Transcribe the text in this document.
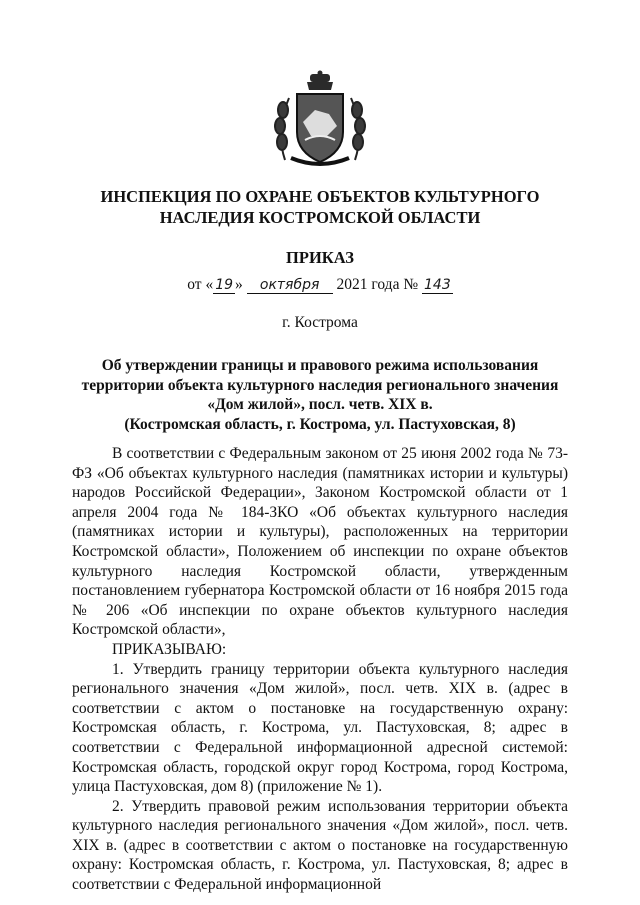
ИНСПЕКЦИЯ ПО ОХРАНЕ ОБЪЕКТОВ КУЛЬТУРНОГО
НАСЛЕДИЯ КОСТРОМСКОЙ ОБЛАСТИ
ПРИКАЗ
от « 19 » октября 2021 года № 143
г. Кострома
Об утверждении границы и правового режима использования
территории объекта культурного наследия регионального значения
«Дом жилой», посл. четв. XIX в.
(Костромская область, г. Кострома, ул. Пастуховская, 8)

В соответствии с Федеральным законом от 25 июня 2002 года № 73-ФЗ «Об объектах культурного наследия (памятниках истории и культуры) народов Российской Федерации», Законом Костромской области от 1 апреля 2004 года № 184-ЗКО «Об объектах культурного наследия (памятниках истории и культуры), расположенных на территории Костромской области», Положением об инспекции по охране объектов культурного наследия Костромской области, утвержденным постановлением губернатора Костромской области от 16 ноября 2015 года № 206 «Об инспекции по охране объектов культурного наследия Костромской области»,

ПРИКАЗЫВАЮ:

1. Утвердить границу территории объекта культурного наследия регионального значения «Дом жилой», посл. четв. XIX в. (адрес в соответствии с актом о постановке на государственную охрану: Костромская область, г. Кострома, ул. Пастуховская, 8; адрес в соответствии с Федеральной информационной адресной системой: Костромская область, городской округ город Кострома, город Кострома, улица Пастуховская, дом 8) (приложение № 1).

2. Утвердить правовой режим использования территории объекта культурного наследия регионального значения «Дом жилой», посл. четв. XIX в. (адрес в соответствии с актом о постановке на государственную охрану: Костромская область, г. Кострома, ул. Пастуховская, 8; адрес в соответствии с Федеральной информационной
